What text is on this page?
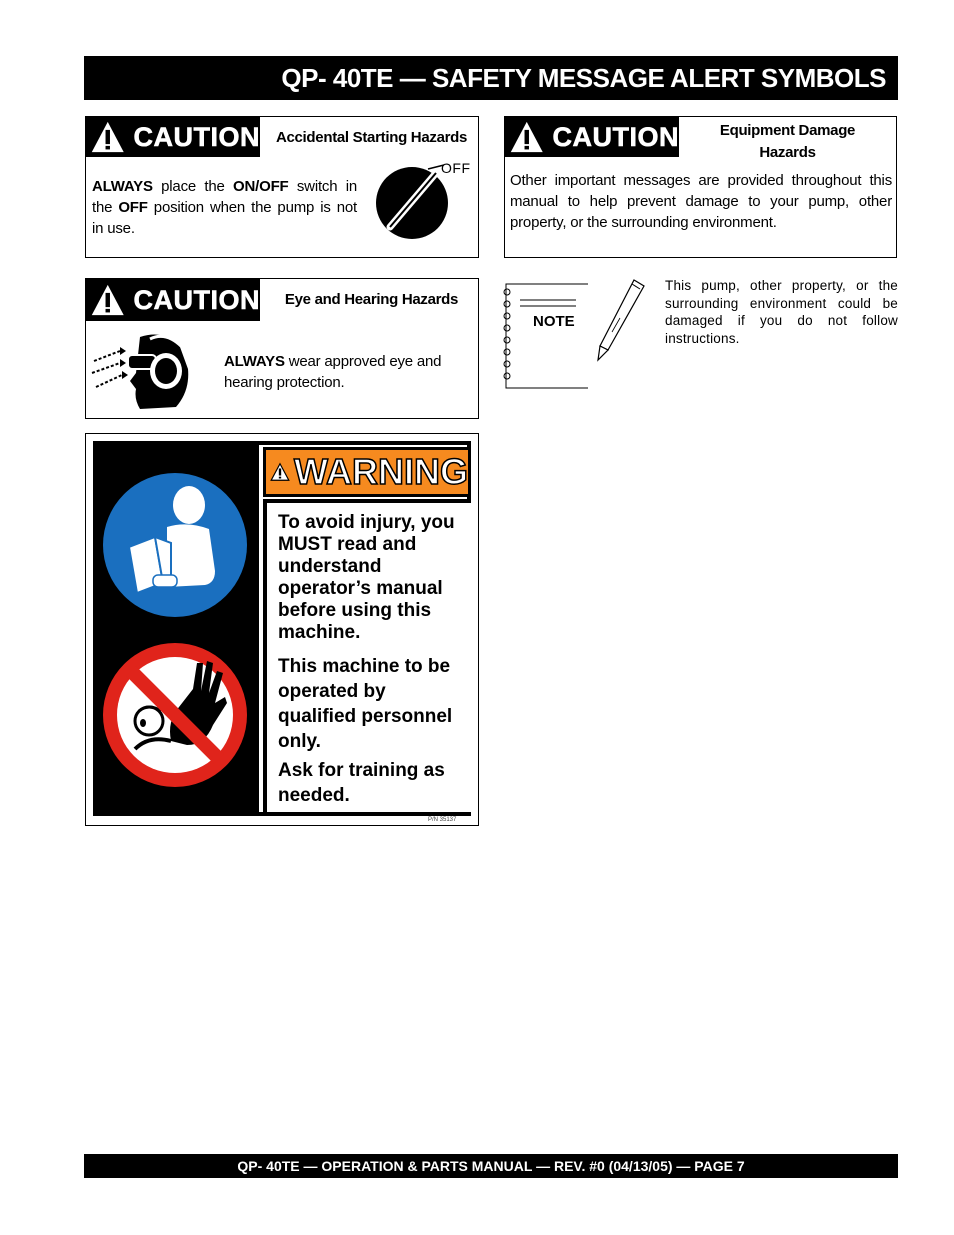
QP- 40TE — SAFETY MESSAGE ALERT SYMBOLS
CAUTION	Accidental Starting Hazards
ALWAYS place the ON/OFF switch in the OFF position when the pump is not in use.
OFF
CAUTION	Equipment Damage Hazards
Other important messages are provided throughout this manual to help prevent damage to your pump, other property, or the surrounding environment.
CAUTION	Eye and Hearing Hazards
ALWAYS wear approved eye and hearing protection.
NOTE
This pump, other property, or the surrounding environment could be damaged if you do not follow instructions.
WARNING
To avoid injury, you MUST read and understand operator’s manual before using this machine.
This machine to be operated by qualified personnel only.
Ask for training as needed.
P/N 35137
QP- 40TE — OPERATION & PARTS MANUAL — REV. #0 (04/13/05) — PAGE 7
